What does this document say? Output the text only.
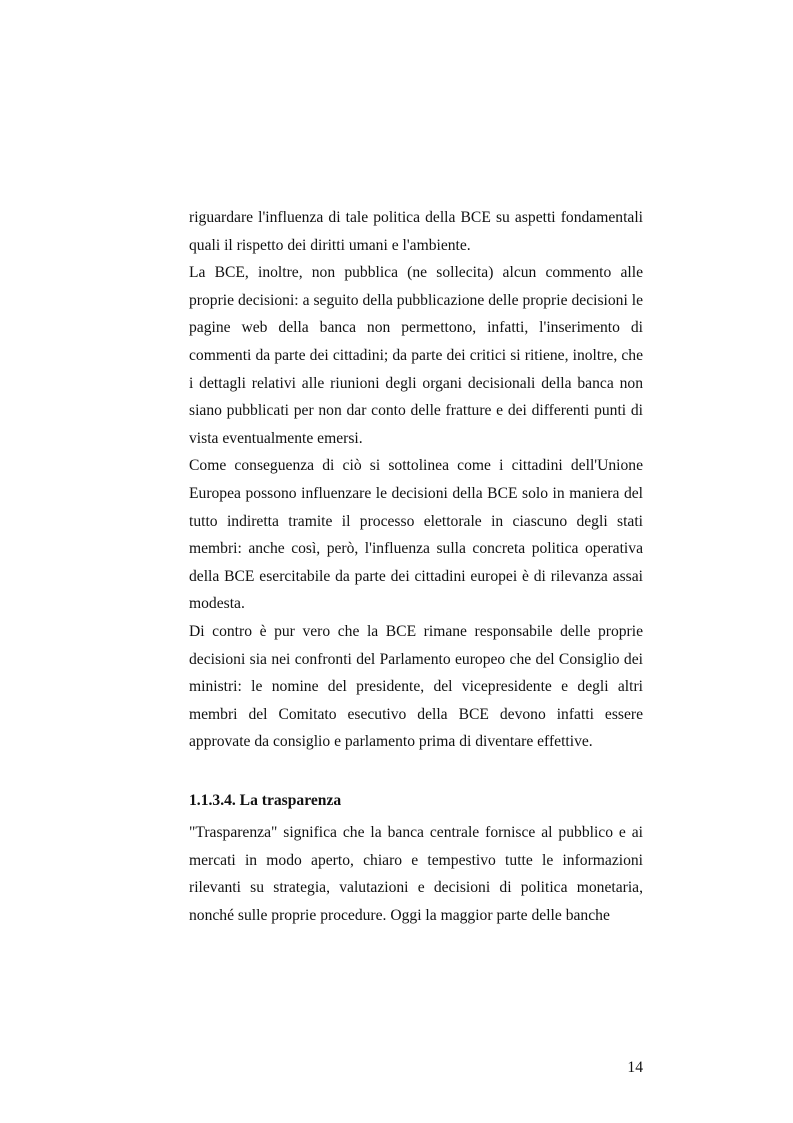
riguardare l'influenza di tale politica della BCE su aspetti fondamentali quali il rispetto dei diritti umani e l'ambiente.

La BCE, inoltre, non pubblica (ne sollecita) alcun commento alle proprie decisioni: a seguito della pubblicazione delle proprie decisioni le pagine web della banca non permettono, infatti, l'inserimento di commenti da parte dei cittadini; da parte dei critici si ritiene, inoltre, che i dettagli relativi alle riunioni degli organi decisionali della banca non siano pubblicati per non dar conto delle fratture e dei differenti punti di vista eventualmente emersi.

Come conseguenza di ciò si sottolinea come i cittadini dell'Unione Europea possono influenzare le decisioni della BCE solo in maniera del tutto indiretta tramite il processo elettorale in ciascuno degli stati membri: anche così, però, l'influenza sulla concreta politica operativa della BCE esercitabile da parte dei cittadini europei è di rilevanza assai modesta.

Di contro è pur vero che la BCE rimane responsabile delle proprie decisioni sia nei confronti del Parlamento europeo che del Consiglio dei ministri: le nomine del presidente, del vicepresidente e degli altri membri del Comitato esecutivo della BCE devono infatti essere approvate da consiglio e parlamento prima di diventare effettive.

1.1.3.4. La trasparenza

"Trasparenza" significa che la banca centrale fornisce al pubblico e ai mercati in modo aperto, chiaro e tempestivo tutte le informazioni rilevanti su strategia, valutazioni e decisioni di politica monetaria, nonché sulle proprie procedure. Oggi la maggior parte delle banche

14
